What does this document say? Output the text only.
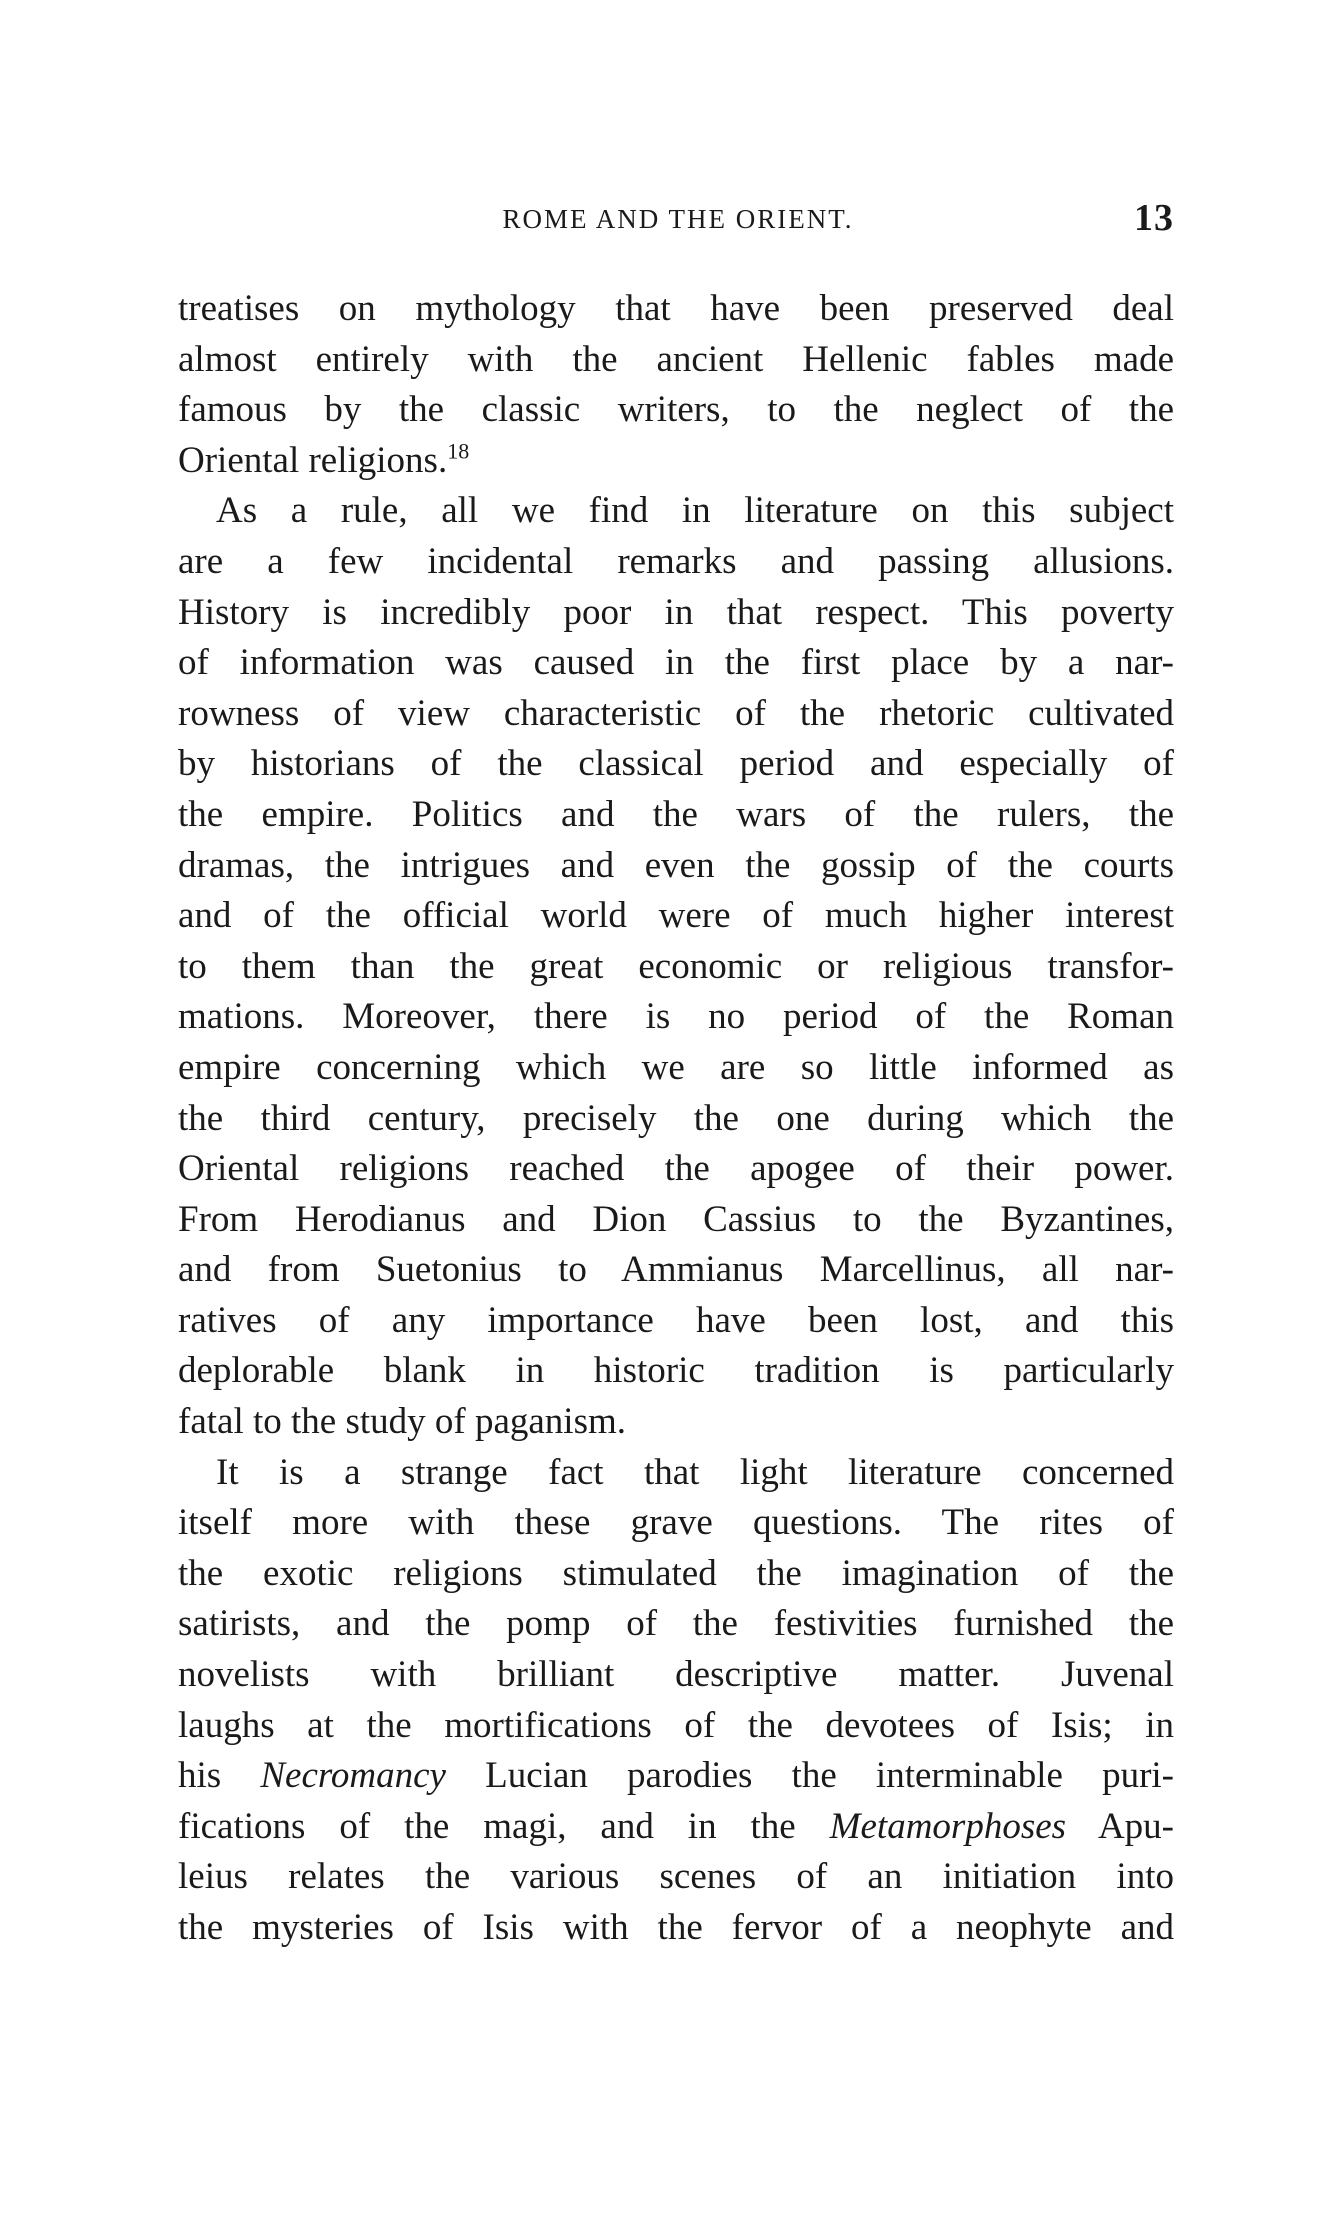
ROME AND THE ORIENT.	13
treatises on mythology that have been preserved deal
almost entirely with the ancient Hellenic fables made
famous by the classic writers, to the neglect of the
Oriental religions.$^{18}$
As a rule, all we find in literature on this subject
are a few incidental remarks and passing allusions.
History is incredibly poor in that respect. This poverty
of information was caused in the first place by a nar-
rowness of view characteristic of the rhetoric cultivated
by historians of the classical period and especially of
the empire. Politics and the wars of the rulers, the
dramas, the intrigues and even the gossip of the courts
and of the official world were of much higher interest
to them than the great economic or religious transfor-
mations. Moreover, there is no period of the Roman
empire concerning which we are so little informed as
the third century, precisely the one during which the
Oriental religions reached the apogee of their power.
From Herodianus and Dion Cassius to the Byzantines,
and from Suetonius to Ammianus Marcellinus, all nar-
ratives of any importance have been lost, and this
deplorable blank in historic tradition is particularly
fatal to the study of paganism.
It is a strange fact that light literature concerned
itself more with these grave questions. The rites of
the exotic religions stimulated the imagination of the
satirists, and the pomp of the festivities furnished the
novelists with brilliant descriptive matter. Juvenal
laughs at the mortifications of the devotees of Isis; in
his Necromancy Lucian parodies the interminable puri-
fications of the magi, and in the Metamorphoses Apu-
leius relates the various scenes of an initiation into
the mysteries of Isis with the fervor of a neophyte and
